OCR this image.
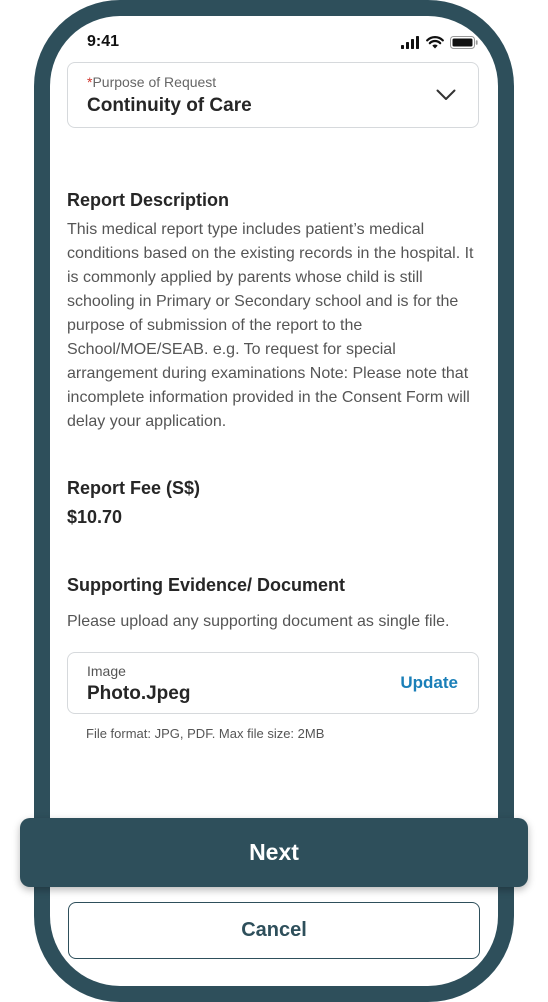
9:41
*Purpose of Request
Continuity of Care
Report Description
This medical report type includes patient’s medical conditions based on the existing records in the hospital. It is commonly applied by parents whose child is still schooling in Primary or Secondary school and is for the purpose of submission of the report to the School/MOE/SEAB. e.g. To request for special arrangement during examinations Note: Please note that incomplete information provided in the Consent Form will delay your application.
Report Fee (S$)
$10.70
Supporting Evidence/ Document
Please upload any supporting document as single file.
Image
Photo.Jpeg
Update
File format: JPG, PDF. Max file size: 2MB
Next
Cancel
